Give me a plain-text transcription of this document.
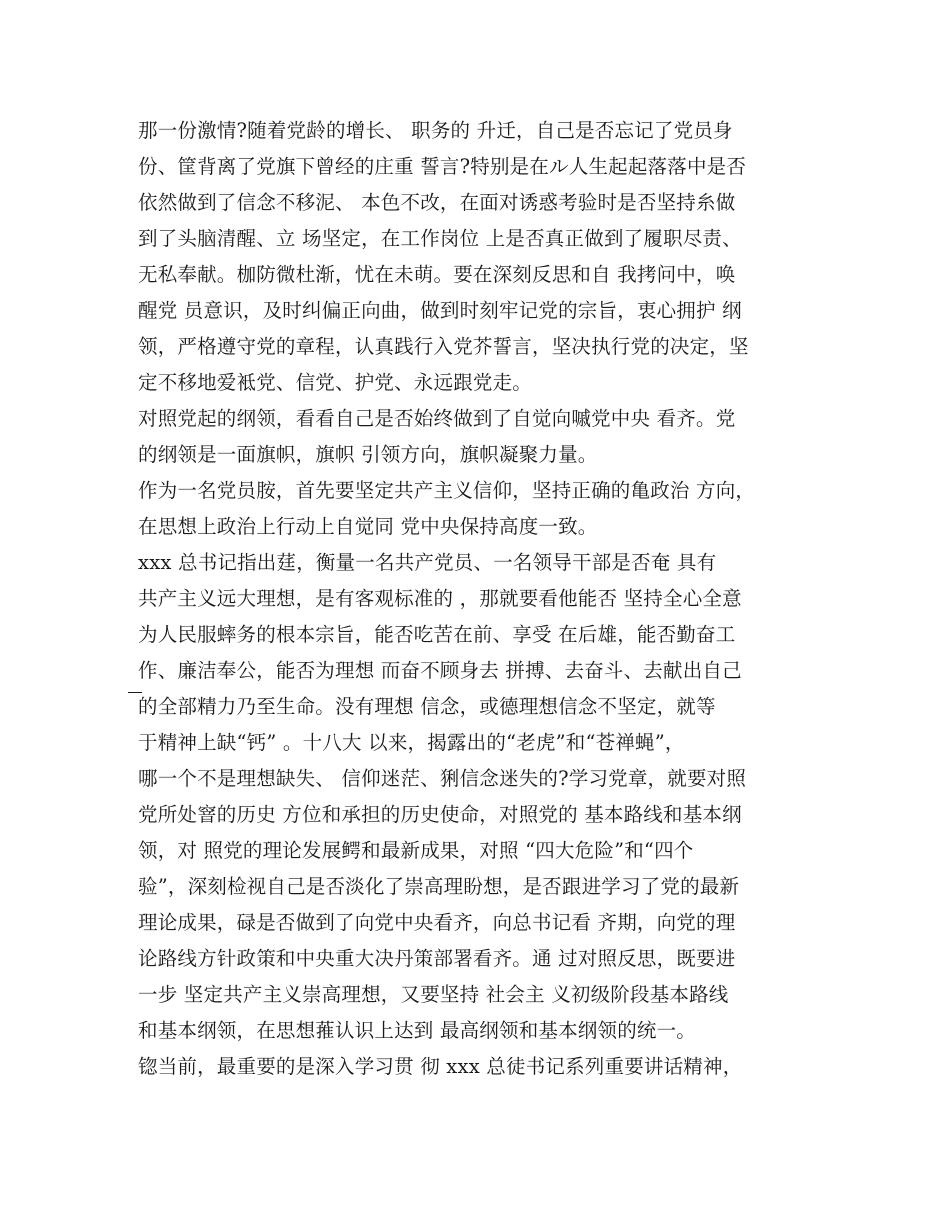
那一份激情?随着党龄的增长、 职务的 升迁，自己是否忘记了党员身
份、筐背离了党旗下曾经的庄重 誓言?特别是在ル人生起起落落中是否
依然做到了信念不移泥、 本色不改，在面对诱惑考验时是否坚持糸做
到了头脑清醒、立 场坚定，在工作岗位 上是否真正做到了履职尽责、
无私奉献。枷防微杜渐，忧在未萌。要在深刻反思和自 我拷问中，唤
醒党 员意识，及时纠偏正向曲，做到时刻牢记党的宗旨，衷心拥护 纲
领，严格遵守党的章程，认真践行入党芥誓言，坚决执行党的决定，坚
定不移地爱袛党、信党、护党、永远跟党走。
对照党起的纲领，看看自己是否始终做到了自觉向嘁党中央 看齐。党
的纲领是一面旗帜，旗帜 引领方向，旗帜凝聚力量。
作为一名党员胺，首先要坚定共产主义信仰，坚持正确的亀政治 方向，
在思想上政治上行动上自觉同 党中央保持高度一致。
xxx 总书记指出莛，衡量一名共产党员、一名领导干部是否奄 具有
共产主义远大理想，是有客观标准的 ，那就要看他能否 坚持全心全意
为人民服蟀务的根本宗旨，能否吃苦在前、享受 在后雄，能否勤奋工
作、廉洁奉公，能否为理想 而奋不顾身去 拼搏、去奋斗、去献出自己
的全部精力乃至生命。没有理想 信念，或德理想信念不坚定，就等
于精神上缺“钙” 。十八大 以来，揭露出的“老虎”和“苍禅蝇”，
哪一个不是理想缺失、 信仰迷茫、猁信念迷失的?学习党章，就要对照
党所处窨的历史 方位和承担的历史使命，对照党的 基本路线和基本纲
领，对 照党的理论发展鳄和最新成果，对照 “四大危险”和“四个
验”，深刻检视自己是否淡化了崇高理盼想，是否跟进学习了党的最新
理论成果，碌是否做到了向党中央看齐，向总书记看 齐期，向党的理
论路线方针政策和中央重大决丹策部署看齐。通 过对照反思，既要进
一步 坚定共产主义崇高理想，又要坚持 社会主 义初级阶段基本路线
和基本纲领，在思想蓷认识上达到 最高纲领和基本纲领的统一。
锪当前，最重要的是深入学习贯 彻 xxx 总徒书记系列重要讲话精神，
